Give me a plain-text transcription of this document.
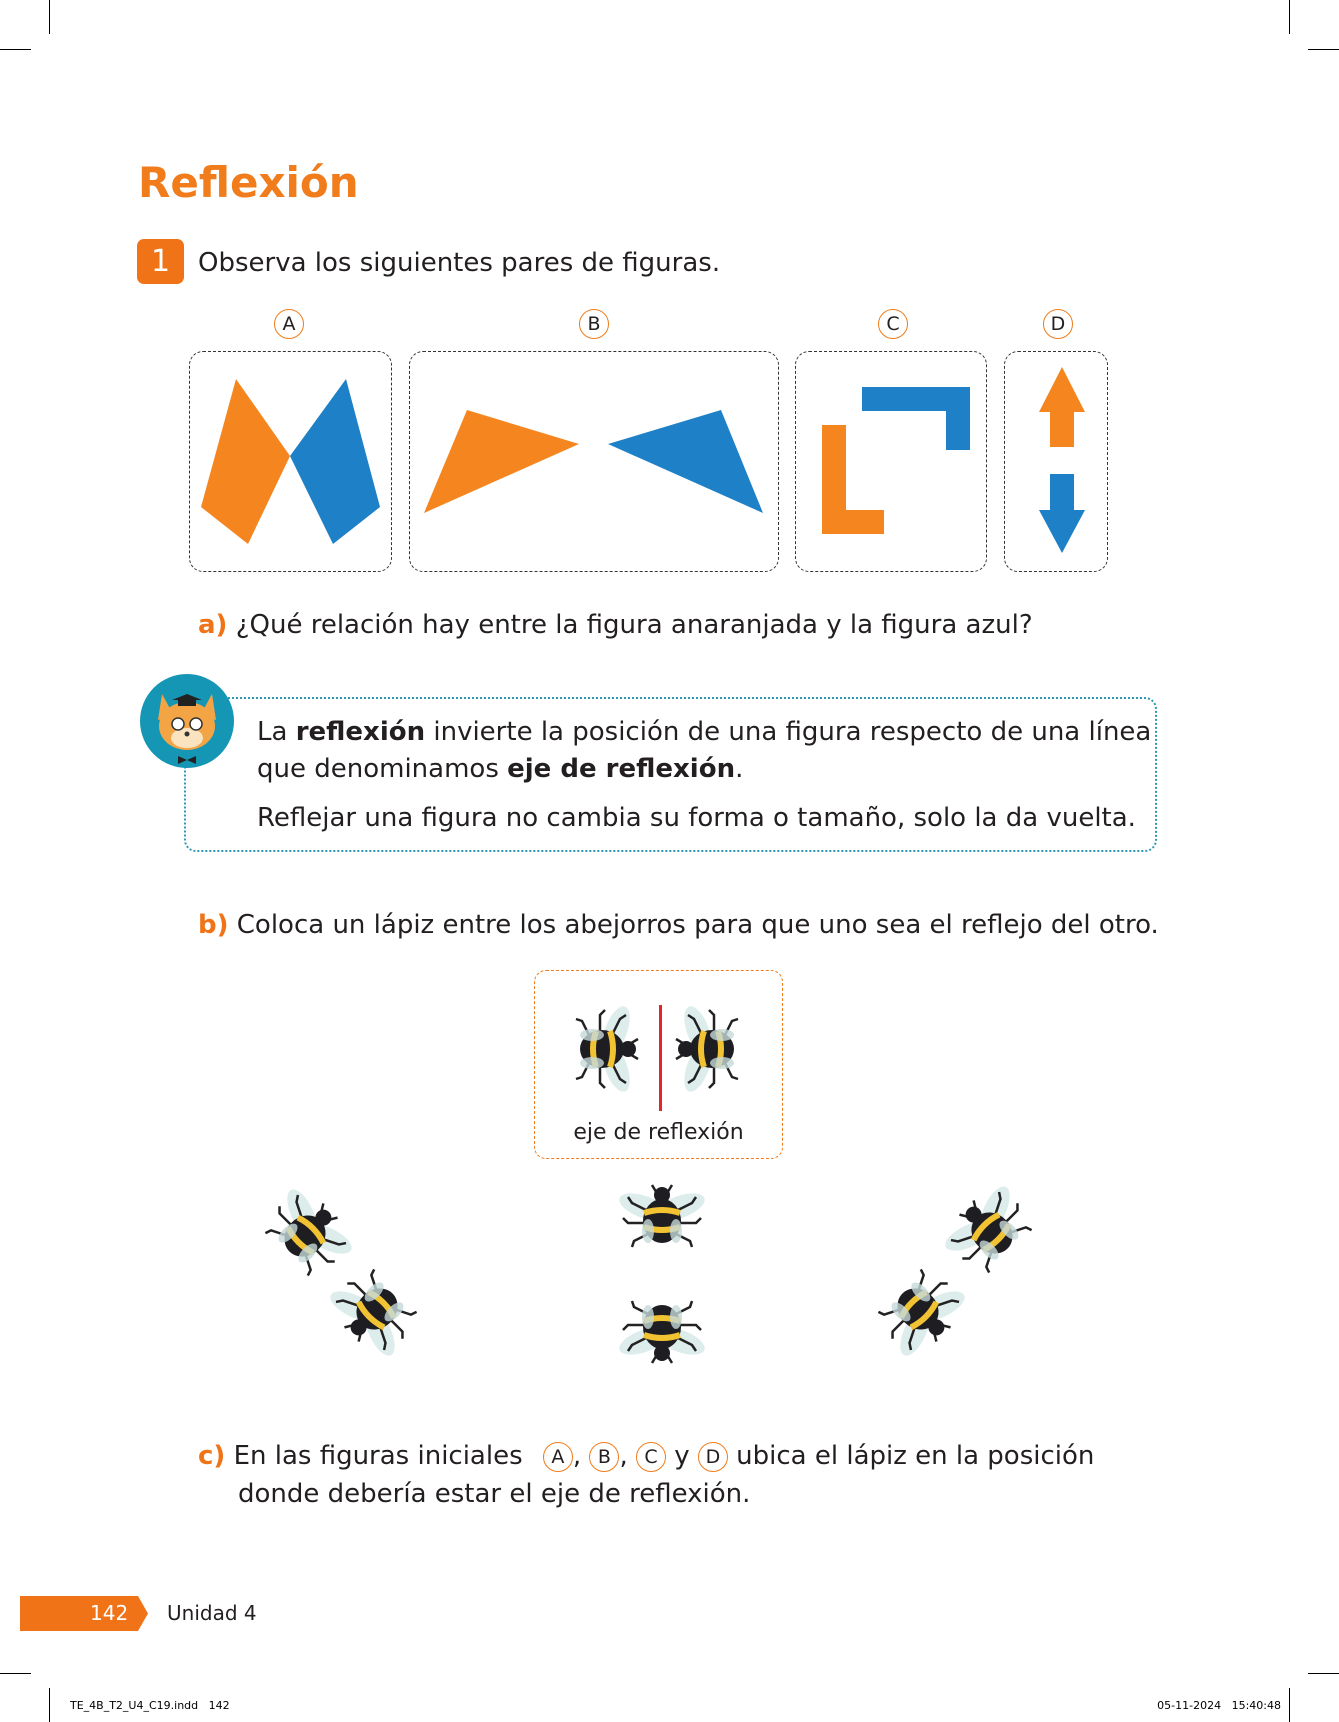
Reflexión
1	Observa los siguientes pares de figuras.
A	B	C	D
a) ¿Qué relación hay entre la figura anaranjada y la figura azul?
La reflexión invierte la posición de una figura respecto de una línea
que denominamos eje de reflexión.
Reflejar una figura no cambia su forma o tamaño, solo la da vuelta.
b) Coloca un lápiz entre los abejorros para que uno sea el reflejo del otro.
eje de reflexión
c) En las figuras iniciales A , B , C y D ubica el lápiz en la posición
donde debería estar el eje de reflexión.
142 Unidad 4
TE_4B_T2_U4_C19.indd   142	05-11-2024   15:40:48
